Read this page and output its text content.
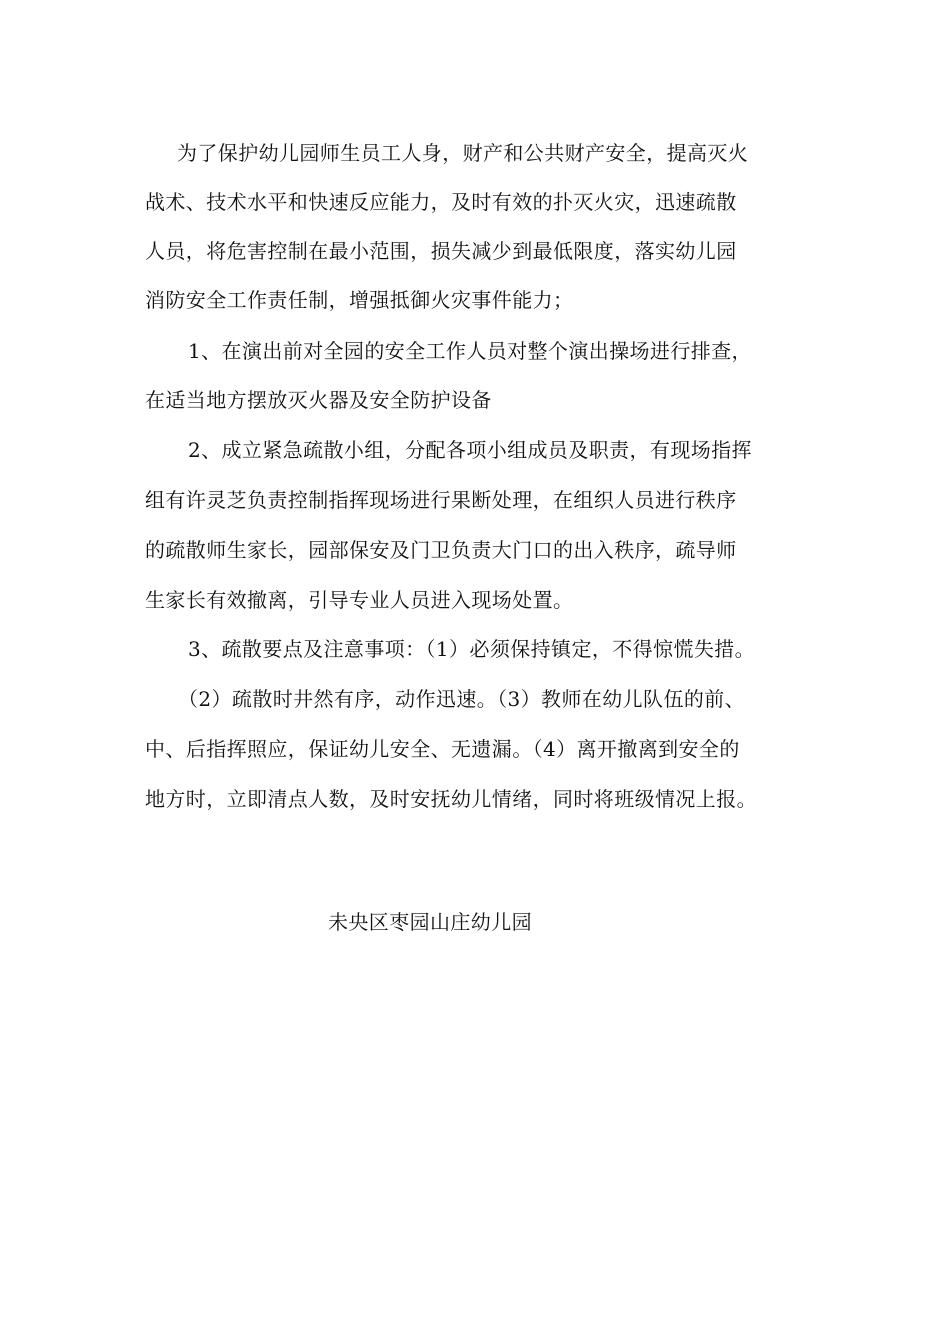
为了保护幼儿园师生员工人身，财产和公共财产安全，提高灭火
战术、技术水平和快速反应能力，及时有效的扑灭火灾，迅速疏散
人员，将危害控制在最小范围，损失减少到最低限度，落实幼儿园
消防安全工作责任制，增强抵御火灾事件能力；
1、在演出前对全园的安全工作人员对整个演出操场进行排查，
在适当地方摆放灭火器及安全防护设备
2、成立紧急疏散小组，分配各项小组成员及职责，有现场指挥
组有许灵芝负责控制指挥现场进行果断处理，在组织人员进行秩序
的疏散师生家长，园部保安及门卫负责大门口的出入秩序，疏导师
生家长有效撤离，引导专业人员进入现场处置。
3、疏散要点及注意事项：（1）必须保持镇定，不得惊慌失措。
（2）疏散时井然有序，动作迅速。（3）教师在幼儿队伍的前、
中、后指挥照应，保证幼儿安全、无遗漏。（4）离开撤离到安全的
地方时，立即清点人数，及时安抚幼儿情绪，同时将班级情况上报。
未央区枣园山庄幼儿园
